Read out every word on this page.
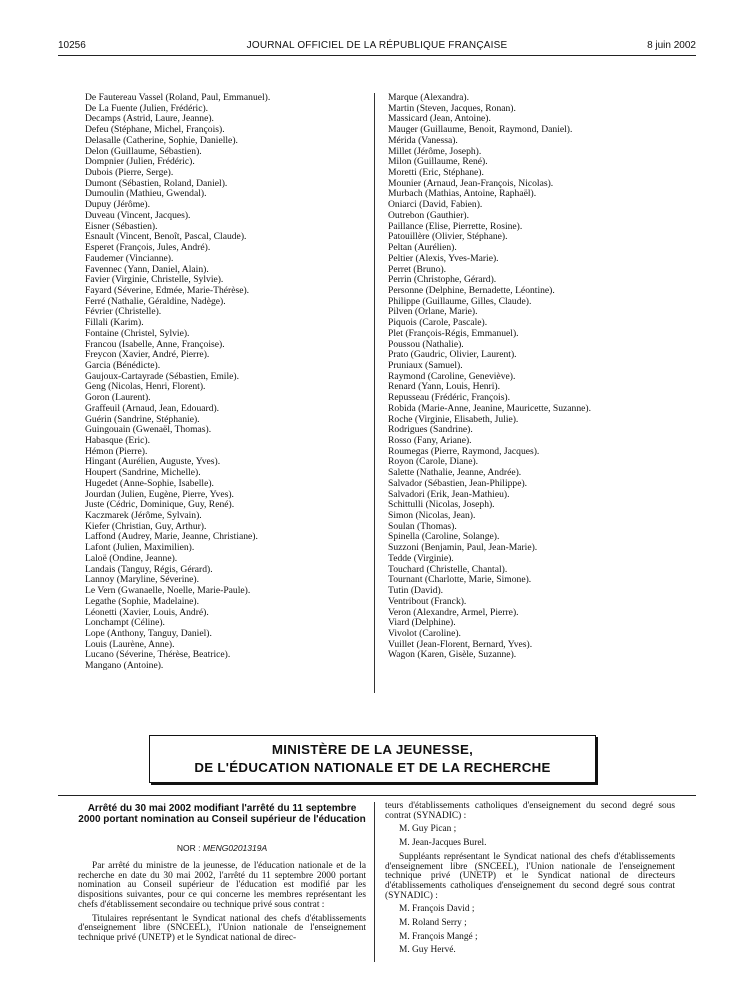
10256	JOURNAL OFFICIEL DE LA RÉPUBLIQUE FRANÇAISE	8 juin 2002
De Fautereau Vassel (Roland, Paul, Emmanuel).
De La Fuente (Julien, Frédéric).
Decamps (Astrid, Laure, Jeanne).
Defeu (Stéphane, Michel, François).
Delasalle (Catherine, Sophie, Danielle).
Delon (Guillaume, Sébastien).
Dompnier (Julien, Frédéric).
Dubois (Pierre, Serge).
Dumont (Sébastien, Roland, Daniel).
Dumoulin (Mathieu, Gwendal).
Dupuy (Jérôme).
Duveau (Vincent, Jacques).
Eisner (Sébastien).
Esnault (Vincent, Benoît, Pascal, Claude).
Esperet (François, Jules, André).
Faudemer (Vincianne).
Favennec (Yann, Daniel, Alain).
Favier (Virginie, Christelle, Sylvie).
Fayard (Séverine, Edmée, Marie-Thérèse).
Ferré (Nathalie, Géraldine, Nadège).
Février (Christelle).
Fillali (Karim).
Fontaine (Christel, Sylvie).
Francou (Isabelle, Anne, Françoise).
Freycon (Xavier, André, Pierre).
Garcia (Bénédicte).
Gaujoux-Cartayrade (Sébastien, Emile).
Geng (Nicolas, Henri, Florent).
Goron (Laurent).
Graffeuil (Arnaud, Jean, Edouard).
Guérin (Sandrine, Stéphanie).
Guingouain (Gwenaël, Thomas).
Habasque (Eric).
Hémon (Pierre).
Hingant (Aurélien, Auguste, Yves).
Houpert (Sandrine, Michelle).
Hugedet (Anne-Sophie, Isabelle).
Jourdan (Julien, Eugène, Pierre, Yves).
Juste (Cédric, Dominique, Guy, René).
Kaczmarek (Jérôme, Sylvain).
Kiefer (Christian, Guy, Arthur).
Laffond (Audrey, Marie, Jeanne, Christiane).
Lafont (Julien, Maximilien).
Laloë (Ondine, Jeanne).
Landais (Tanguy, Régis, Gérard).
Lannoy (Maryline, Séverine).
Le Vern (Gwanaelle, Noelle, Marie-Paule).
Legathe (Sophie, Madelaine).
Léonetti (Xavier, Louis, André).
Lonchampt (Céline).
Lope (Anthony, Tanguy, Daniel).
Louis (Laurène, Anne).
Lucano (Séverine, Thérèse, Beatrice).
Mangano (Antoine).
Marque (Alexandra).
Martin (Steven, Jacques, Ronan).
Massicard (Jean, Antoine).
Mauger (Guillaume, Benoit, Raymond, Daniel).
Mérida (Vanessa).
Millet (Jérôme, Joseph).
Milon (Guillaume, René).
Moretti (Eric, Stéphane).
Mounier (Arnaud, Jean-François, Nicolas).
Murbach (Mathias, Antoine, Raphaël).
Oniarci (David, Fabien).
Outrebon (Gauthier).
Paillance (Elise, Pierrette, Rosine).
Patouillère (Olivier, Stéphane).
Peltan (Aurélien).
Peltier (Alexis, Yves-Marie).
Perret (Bruno).
Perrin (Christophe, Gérard).
Personne (Delphine, Bernadette, Léontine).
Philippe (Guillaume, Gilles, Claude).
Pilven (Orlane, Marie).
Piquois (Carole, Pascale).
Plet (François-Régis, Emmanuel).
Poussou (Nathalie).
Prato (Gaudric, Olivier, Laurent).
Pruniaux (Samuel).
Raymond (Caroline, Geneviève).
Renard (Yann, Louis, Henri).
Repusseau (Frédéric, François).
Robida (Marie-Anne, Jeanine, Mauricette, Suzanne).
Roche (Virginie, Elisabeth, Julie).
Rodrigues (Sandrine).
Rosso (Fany, Ariane).
Roumegas (Pierre, Raymond, Jacques).
Royon (Carole, Diane).
Salette (Nathalie, Jeanne, Andrée).
Salvador (Sébastien, Jean-Philippe).
Salvadori (Erik, Jean-Mathieu).
Schittulli (Nicolas, Joseph).
Simon (Nicolas, Jean).
Soulan (Thomas).
Spinella (Caroline, Solange).
Suzzoni (Benjamin, Paul, Jean-Marie).
Tedde (Virginie).
Touchard (Christelle, Chantal).
Tournant (Charlotte, Marie, Simone).
Tutin (David).
Ventribout (Franck).
Veron (Alexandre, Armel, Pierre).
Viard (Delphine).
Vivolot (Caroline).
Vuillet (Jean-Florent, Bernard, Yves).
Wagon (Karen, Gisèle, Suzanne).
MINISTÈRE DE LA JEUNESSE,
DE L'ÉDUCATION NATIONALE ET DE LA RECHERCHE
Arrêté du 30 mai 2002 modifiant l'arrêté du 11 septembre 2000 portant nomination au Conseil supérieur de l'éducation
NOR : MENG0201319A

Par arrêté du ministre de la jeunesse, de l'éducation nationale et de la recherche en date du 30 mai 2002, l'arrêté du 11 septembre 2000 portant nomination au Conseil supérieur de l'éducation est modifié par les dispositions suivantes, pour ce qui concerne les membres représentant les chefs d'établissement secondaire ou technique privé sous contrat :

Titulaires représentant le Syndicat national des chefs d'établissements d'enseignement libre (SNCEEL), l'Union nationale de l'enseignement technique privé (UNETP) et le Syndicat national de direc-

teurs d'établissements catholiques d'enseignement du second degré sous contrat (SYNADIC) :

M. Guy Pican ;
M. Jean-Jacques Burel.

Suppléants représentant le Syndicat national des chefs d'établissements d'enseignement libre (SNCEEL), l'Union nationale de l'enseignement technique privé (UNETP) et le Syndicat national de directeurs d'établissements catholiques d'enseignement du second degré sous contrat (SYNADIC) :

M. François David ;
M. Roland Serry ;
M. François Mangé ;
M. Guy Hervé.
